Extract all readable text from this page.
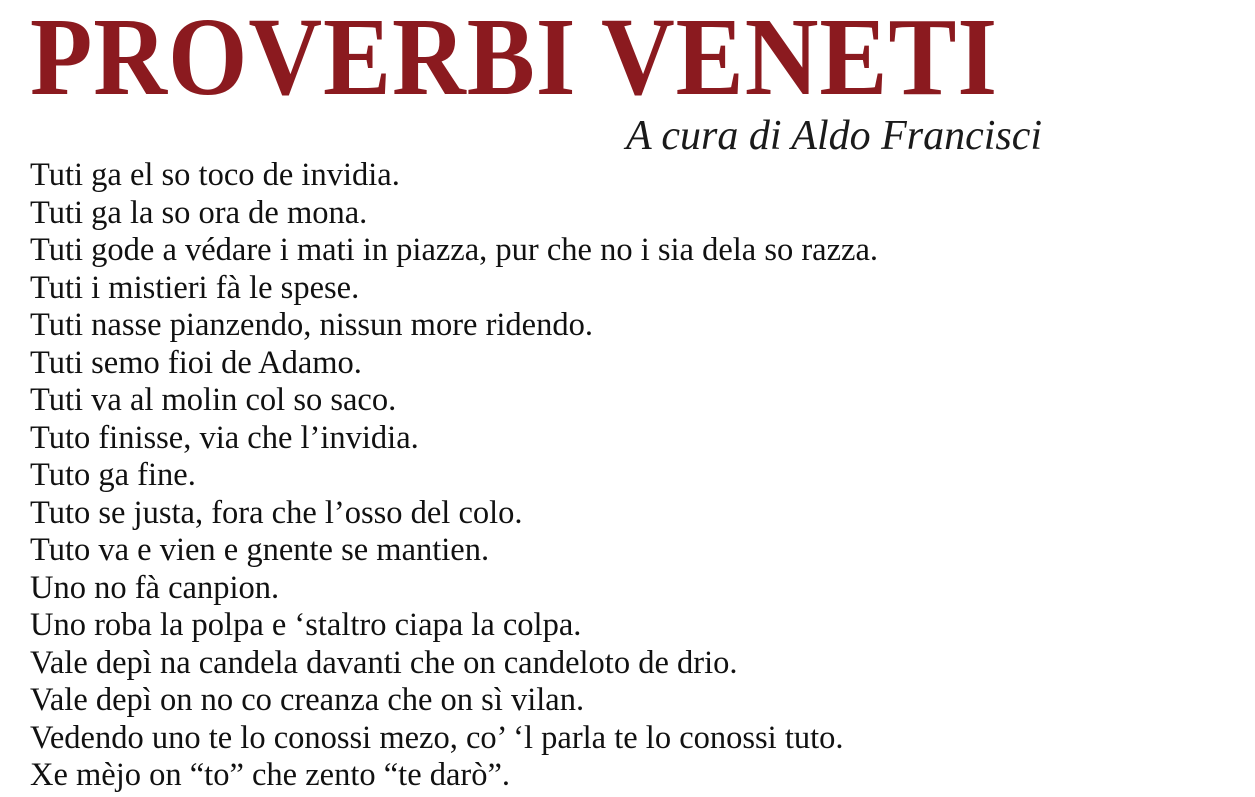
PROVERBI VENETI
A cura di Aldo Francisci
Tuti ga el so toco de invidia.
Tuti ga la so ora de mona.
Tuti gode a védare i mati in piazza, pur che no i sia dela so razza.
Tuti i mistieri fà le spese.
Tuti nasse pianzendo, nissun more ridendo.
Tuti semo fioi de Adamo.
Tuti va al molin col so saco.
Tuto finisse, via che l’invidia.
Tuto ga fine.
Tuto se justa, fora che l’osso del colo.
Tuto va e vien e gnente se mantien.
Uno no fà canpion.
Uno roba la polpa e ‘staltro ciapa la colpa.
Vale depì na candela davanti che on candeloto de drio.
Vale depì on no co creanza che on sì vilan.
Vedendo uno te lo conossi mezo, co’ ‘l parla te lo conossi tuto.
Xe mèjo on “to” che zento “te darò”.
